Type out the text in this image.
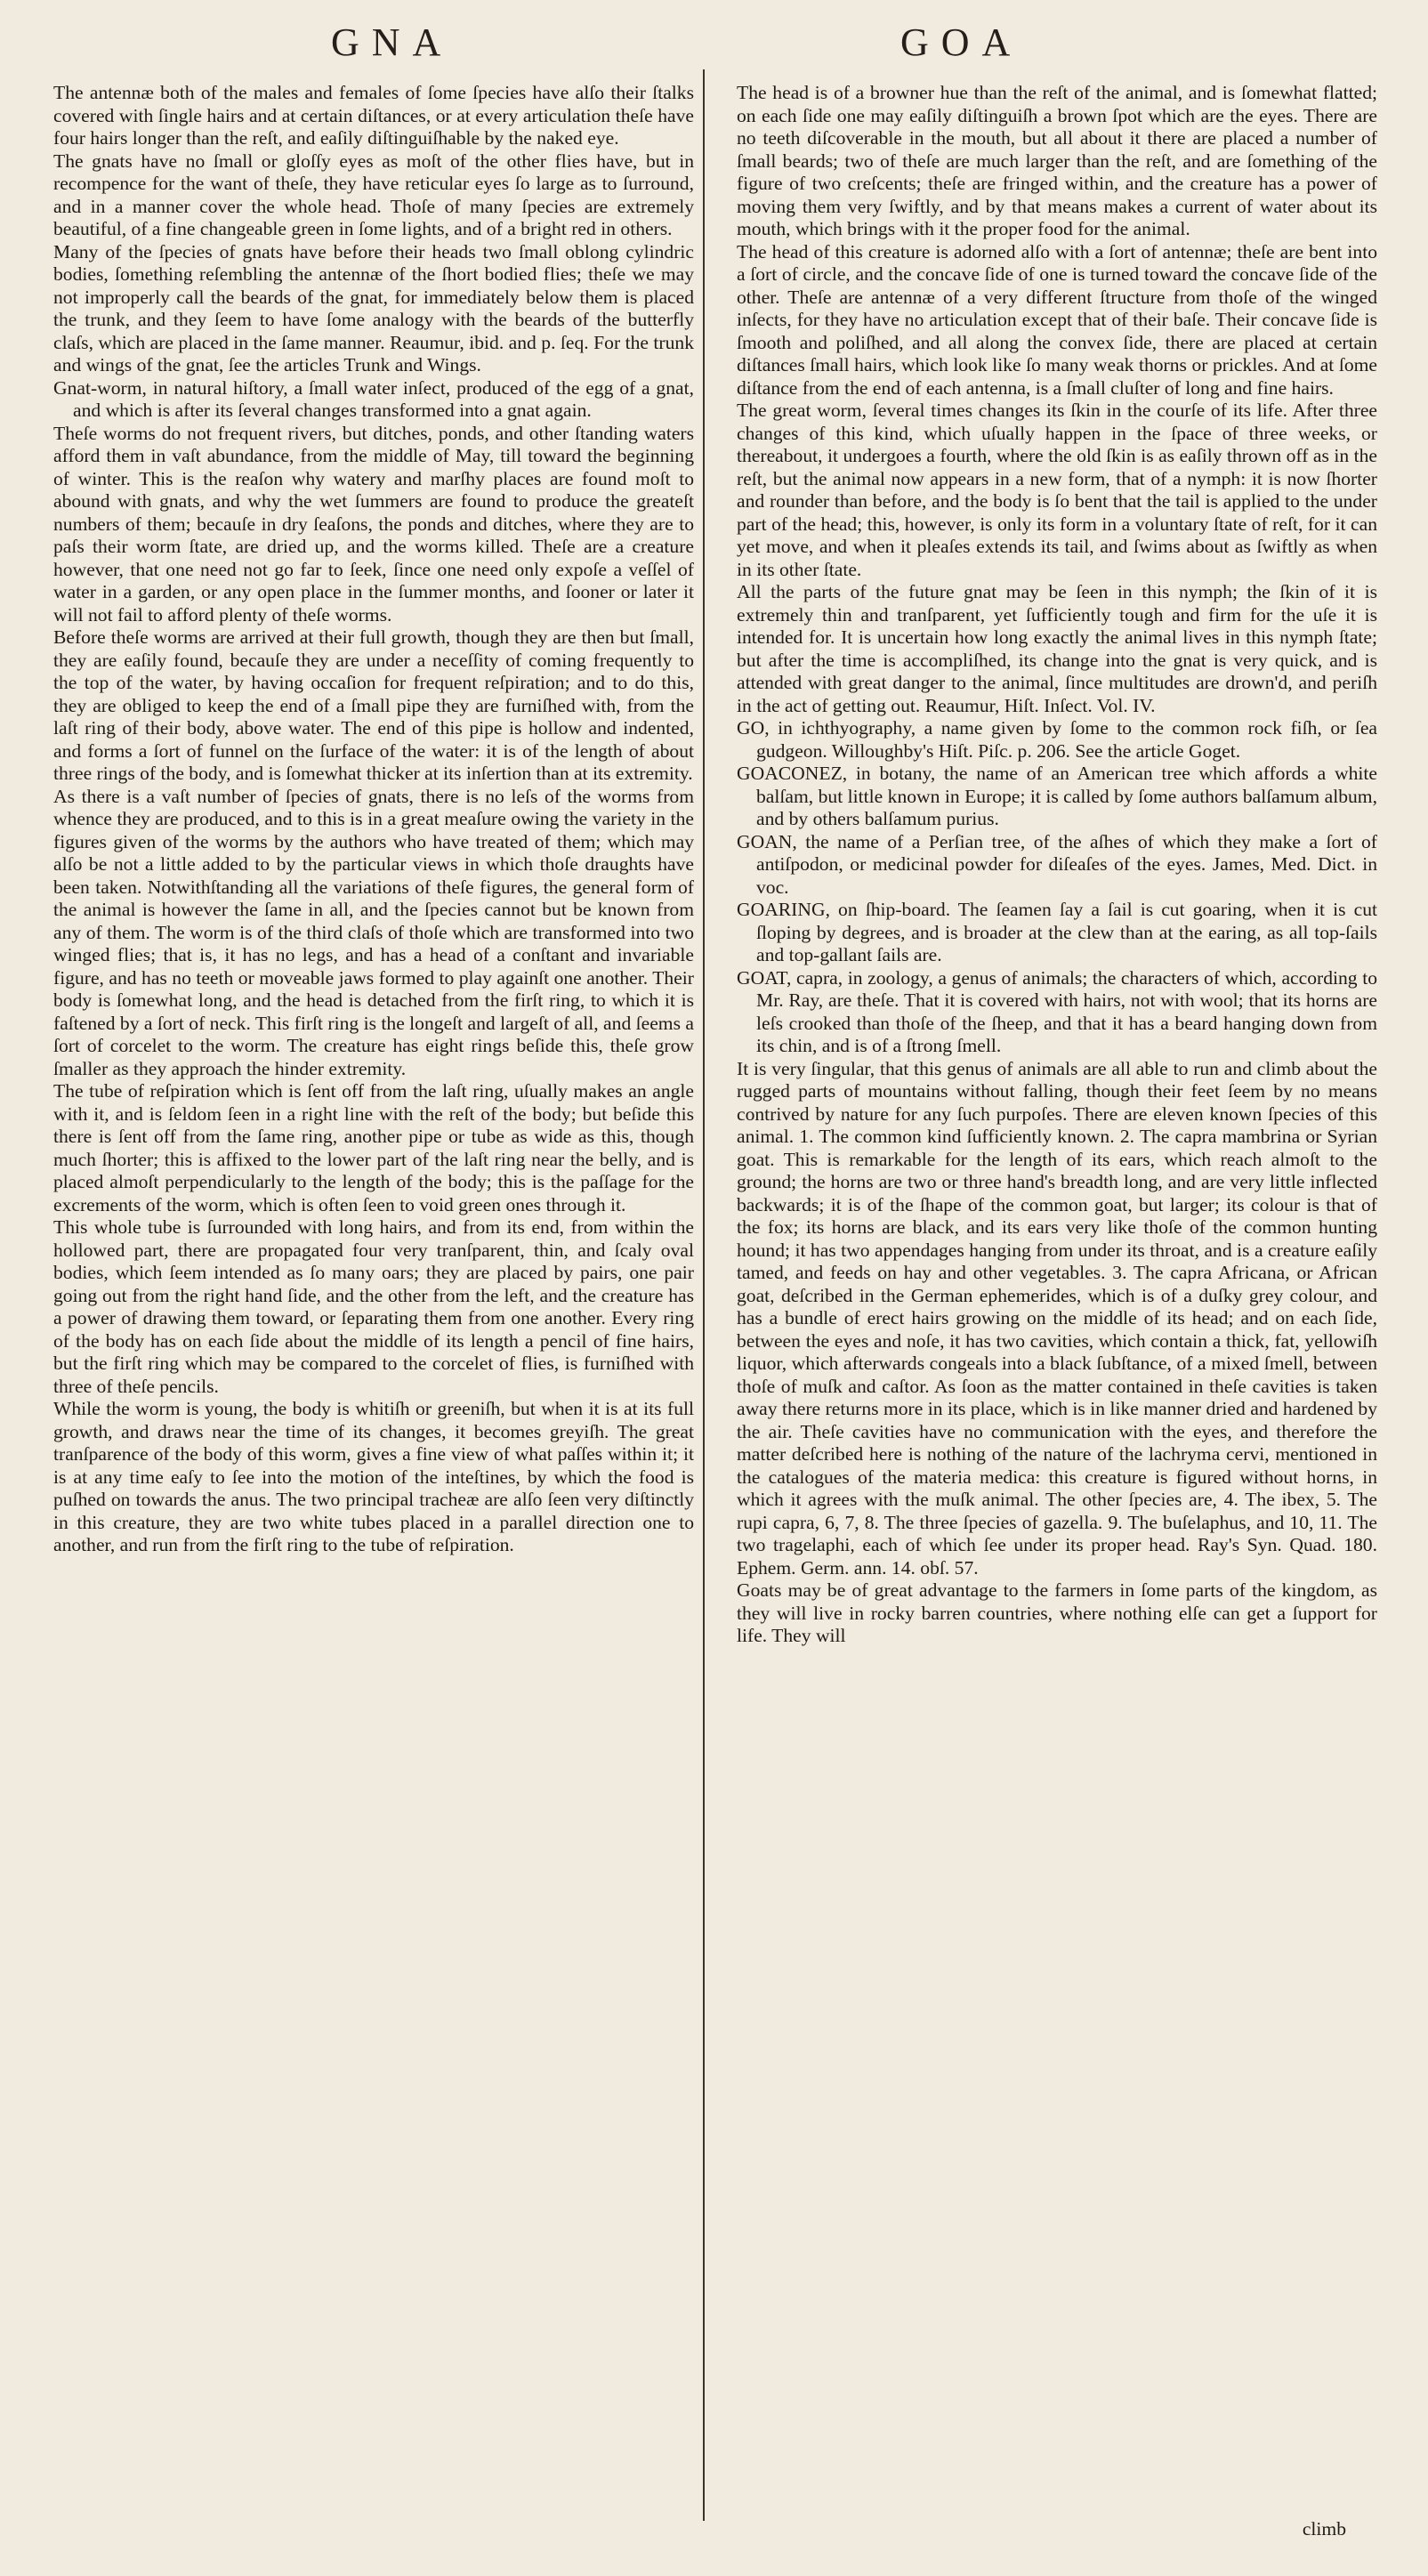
GNA	GOA

The antennæ both of the males and females of ſome ſpecies have alſo their ſtalks covered with ſingle hairs and at certain diſtances, or at every articulation theſe have four hairs longer than the reſt, and eaſily diſtinguiſhable by the naked eye.

The gnats have no ſmall or gloſſy eyes as moſt of the other flies have, but in recompence for the want of theſe, they have reticular eyes ſo large as to ſurround, and in a manner cover the whole head. Thoſe of many ſpecies are extremely beautiful, of a fine changeable green in ſome lights, and of a bright red in others.

Many of the ſpecies of gnats have before their heads two ſmall oblong cylindric bodies, ſomething reſembling the antennæ of the ſhort bodied flies; theſe we may not improperly call the beards of the gnat, for immediately below them is placed the trunk, and they ſeem to have ſome analogy with the beards of the butterfly claſs, which are placed in the ſame manner. Reaumur, ibid. and p. ſeq. For the trunk and wings of the gnat, ſee the articles Trunk and Wings.

Gnat-worm, in natural hiſtory, a ſmall water inſect, produced of the egg of a gnat, and which is after its ſeveral changes transformed into a gnat again.

Theſe worms do not frequent rivers, but ditches, ponds, and other ſtanding waters afford them in vaſt abundance, from the middle of May, till toward the beginning of winter. This is the reaſon why watery and marſhy places are found moſt to abound with gnats, and why the wet ſummers are found to produce the greateſt numbers of them; becauſe in dry ſeaſons, the ponds and ditches, where they are to paſs their worm ſtate, are dried up, and the worms killed. Theſe are a creature however, that one need not go far to ſeek, ſince one need only expoſe a veſſel of water in a garden, or any open place in the ſummer months, and ſooner or later it will not fail to afford plenty of theſe worms.

Before theſe worms are arrived at their full growth, though they are then but ſmall, they are eaſily found, becauſe they are under a neceſſity of coming frequently to the top of the water, by having occaſion for frequent reſpiration; and to do this, they are obliged to keep the end of a ſmall pipe they are furniſhed with, from the laſt ring of their body, above water. The end of this pipe is hollow and indented, and forms a ſort of funnel on the ſurface of the water: it is of the length of about three rings of the body, and is ſomewhat thicker at its inſertion than at its extremity.

As there is a vaſt number of ſpecies of gnats, there is no leſs of the worms from whence they are produced, and to this is in a great meaſure owing the variety in the figures given of the worms by the authors who have treated of them; which may alſo be not a little added to by the particular views in which thoſe draughts have been taken. Notwithſtanding all the variations of theſe figures, the general form of the animal is however the ſame in all, and the ſpecies cannot but be known from any of them. The worm is of the third claſs of thoſe which are transformed into two winged flies; that is, it has no legs, and has a head of a conſtant and invariable figure, and has no teeth or moveable jaws formed to play againſt one another. Their body is ſomewhat long, and the head is detached from the firſt ring, to which it is faſtened by a ſort of neck. This firſt ring is the longeſt and largeſt of all, and ſeems a ſort of corcelet to the worm. The creature has eight rings beſide this, theſe grow ſmaller as they approach the hinder extremity.

The tube of reſpiration which is ſent off from the laſt ring, uſually makes an angle with it, and is ſeldom ſeen in a right line with the reſt of the body; but beſide this there is ſent off from the ſame ring, another pipe or tube as wide as this, though much ſhorter; this is affixed to the lower part of the laſt ring near the belly, and is placed almoſt perpendicularly to the length of the body; this is the paſſage for the excrements of the worm, which is often ſeen to void green ones through it.

This whole tube is ſurrounded with long hairs, and from its end, from within the hollowed part, there are propagated four very tranſparent, thin, and ſcaly oval bodies, which ſeem intended as ſo many oars; they are placed by pairs, one pair going out from the right hand ſide, and the other from the left, and the creature has a power of drawing them toward, or ſeparating them from one another. Every ring of the body has on each ſide about the middle of its length a pencil of fine hairs, but the firſt ring which may be compared to the corcelet of flies, is furniſhed with three of theſe pencils.

While the worm is young, the body is whitiſh or greeniſh, but when it is at its full growth, and draws near the time of its changes, it becomes greyiſh. The great tranſparence of the body of this worm, gives a fine view of what paſſes within it; it is at any time eaſy to ſee into the motion of the inteſtines, by which the food is puſhed on towards the anus. The two principal tracheæ are alſo ſeen very diſtinctly in this creature, they are two white tubes placed in a parallel direction one to another, and run from the firſt ring to the tube of reſpiration.

The head is of a browner hue than the reſt of the animal, and is ſomewhat flatted; on each ſide one may eaſily diſtinguiſh a brown ſpot which are the eyes. There are no teeth diſcoverable in the mouth, but all about it there are placed a number of ſmall beards; two of theſe are much larger than the reſt, and are ſomething of the figure of two creſcents; theſe are fringed within, and the creature has a power of moving them very ſwiftly, and by that means makes a current of water about its mouth, which brings with it the proper food for the animal.

The head of this creature is adorned alſo with a ſort of antennæ; theſe are bent into a ſort of circle, and the concave ſide of one is turned toward the concave ſide of the other. Theſe are antennæ of a very different ſtructure from thoſe of the winged inſects, for they have no articulation except that of their baſe. Their concave ſide is ſmooth and poliſhed, and all along the convex ſide, there are placed at certain diſtances ſmall hairs, which look like ſo many weak thorns or prickles. And at ſome diſtance from the end of each antenna, is a ſmall cluſter of long and fine hairs.

The great worm, ſeveral times changes its ſkin in the courſe of its life. After three changes of this kind, which uſually happen in the ſpace of three weeks, or thereabout, it undergoes a fourth, where the old ſkin is as eaſily thrown off as in the reſt, but the animal now appears in a new form, that of a nymph: it is now ſhorter and rounder than before, and the body is ſo bent that the tail is applied to the under part of the head; this, however, is only its form in a voluntary ſtate of reſt, for it can yet move, and when it pleaſes extends its tail, and ſwims about as ſwiftly as when in its other ſtate.

All the parts of the future gnat may be ſeen in this nymph; the ſkin of it is extremely thin and tranſparent, yet ſufficiently tough and firm for the uſe it is intended for. It is uncertain how long exactly the animal lives in this nymph ſtate; but after the time is accompliſhed, its change into the gnat is very quick, and is attended with great danger to the animal, ſince multitudes are drown'd, and periſh in the act of getting out. Reaumur, Hiſt. Inſect. Vol. IV.

GO, in ichthyography, a name given by ſome to the common rock fiſh, or ſea gudgeon. Willoughby's Hiſt. Piſc. p. 206. See the article Goget.

GOACONEZ, in botany, the name of an American tree which affords a white balſam, but little known in Europe; it is called by ſome authors balſamum album, and by others balſamum purius.

GOAN, the name of a Perſian tree, of the aſhes of which they make a ſort of antiſpodon, or medicinal powder for diſeaſes of the eyes. James, Med. Dict. in voc.

GOARING, on ſhip-board. The ſeamen ſay a ſail is cut goaring, when it is cut ſloping by degrees, and is broader at the clew than at the earing, as all top-ſails and top-gallant ſails are.

GOAT, capra, in zoology, a genus of animals; the characters of which, according to Mr. Ray, are theſe. That it is covered with hairs, not with wool; that its horns are leſs crooked than thoſe of the ſheep, and that it has a beard hanging down from its chin, and is of a ſtrong ſmell.

It is very ſingular, that this genus of animals are all able to run and climb about the rugged parts of mountains without falling, though their feet ſeem by no means contrived by nature for any ſuch purpoſes. There are eleven known ſpecies of this animal. 1. The common kind ſufficiently known. 2. The capra mambrina or Syrian goat. This is remarkable for the length of its ears, which reach almoſt to the ground; the horns are two or three hand's breadth long, and are very little inflected backwards; it is of the ſhape of the common goat, but larger; its colour is that of the fox; its horns are black, and its ears very like thoſe of the common hunting hound; it has two appendages hanging from under its throat, and is a creature eaſily tamed, and feeds on hay and other vegetables. 3. The capra Africana, or African goat, deſcribed in the German ephemerides, which is of a duſky grey colour, and has a bundle of erect hairs growing on the middle of its head; and on each ſide, between the eyes and noſe, it has two cavities, which contain a thick, fat, yellowiſh liquor, which afterwards congeals into a black ſubſtance, of a mixed ſmell, between thoſe of muſk and caſtor. As ſoon as the matter contained in theſe cavities is taken away there returns more in its place, which is in like manner dried and hardened by the air. Theſe cavities have no communication with the eyes, and therefore the matter deſcribed here is nothing of the nature of the lachryma cervi, mentioned in the catalogues of the materia medica: this creature is figured without horns, in which it agrees with the muſk animal. The other ſpecies are, 4. The ibex, 5. The rupi capra, 6, 7, 8. The three ſpecies of gazella. 9. The buſelaphus, and 10, 11. The two tragelaphi, each of which ſee under its proper head. Ray's Syn. Quad. 180. Ephem. Germ. ann. 14. obſ. 57.

Goats may be of great advantage to the farmers in ſome parts of the kingdom, as they will live in rocky barren countries, where nothing elſe can get a ſupport for life. They will

climb
